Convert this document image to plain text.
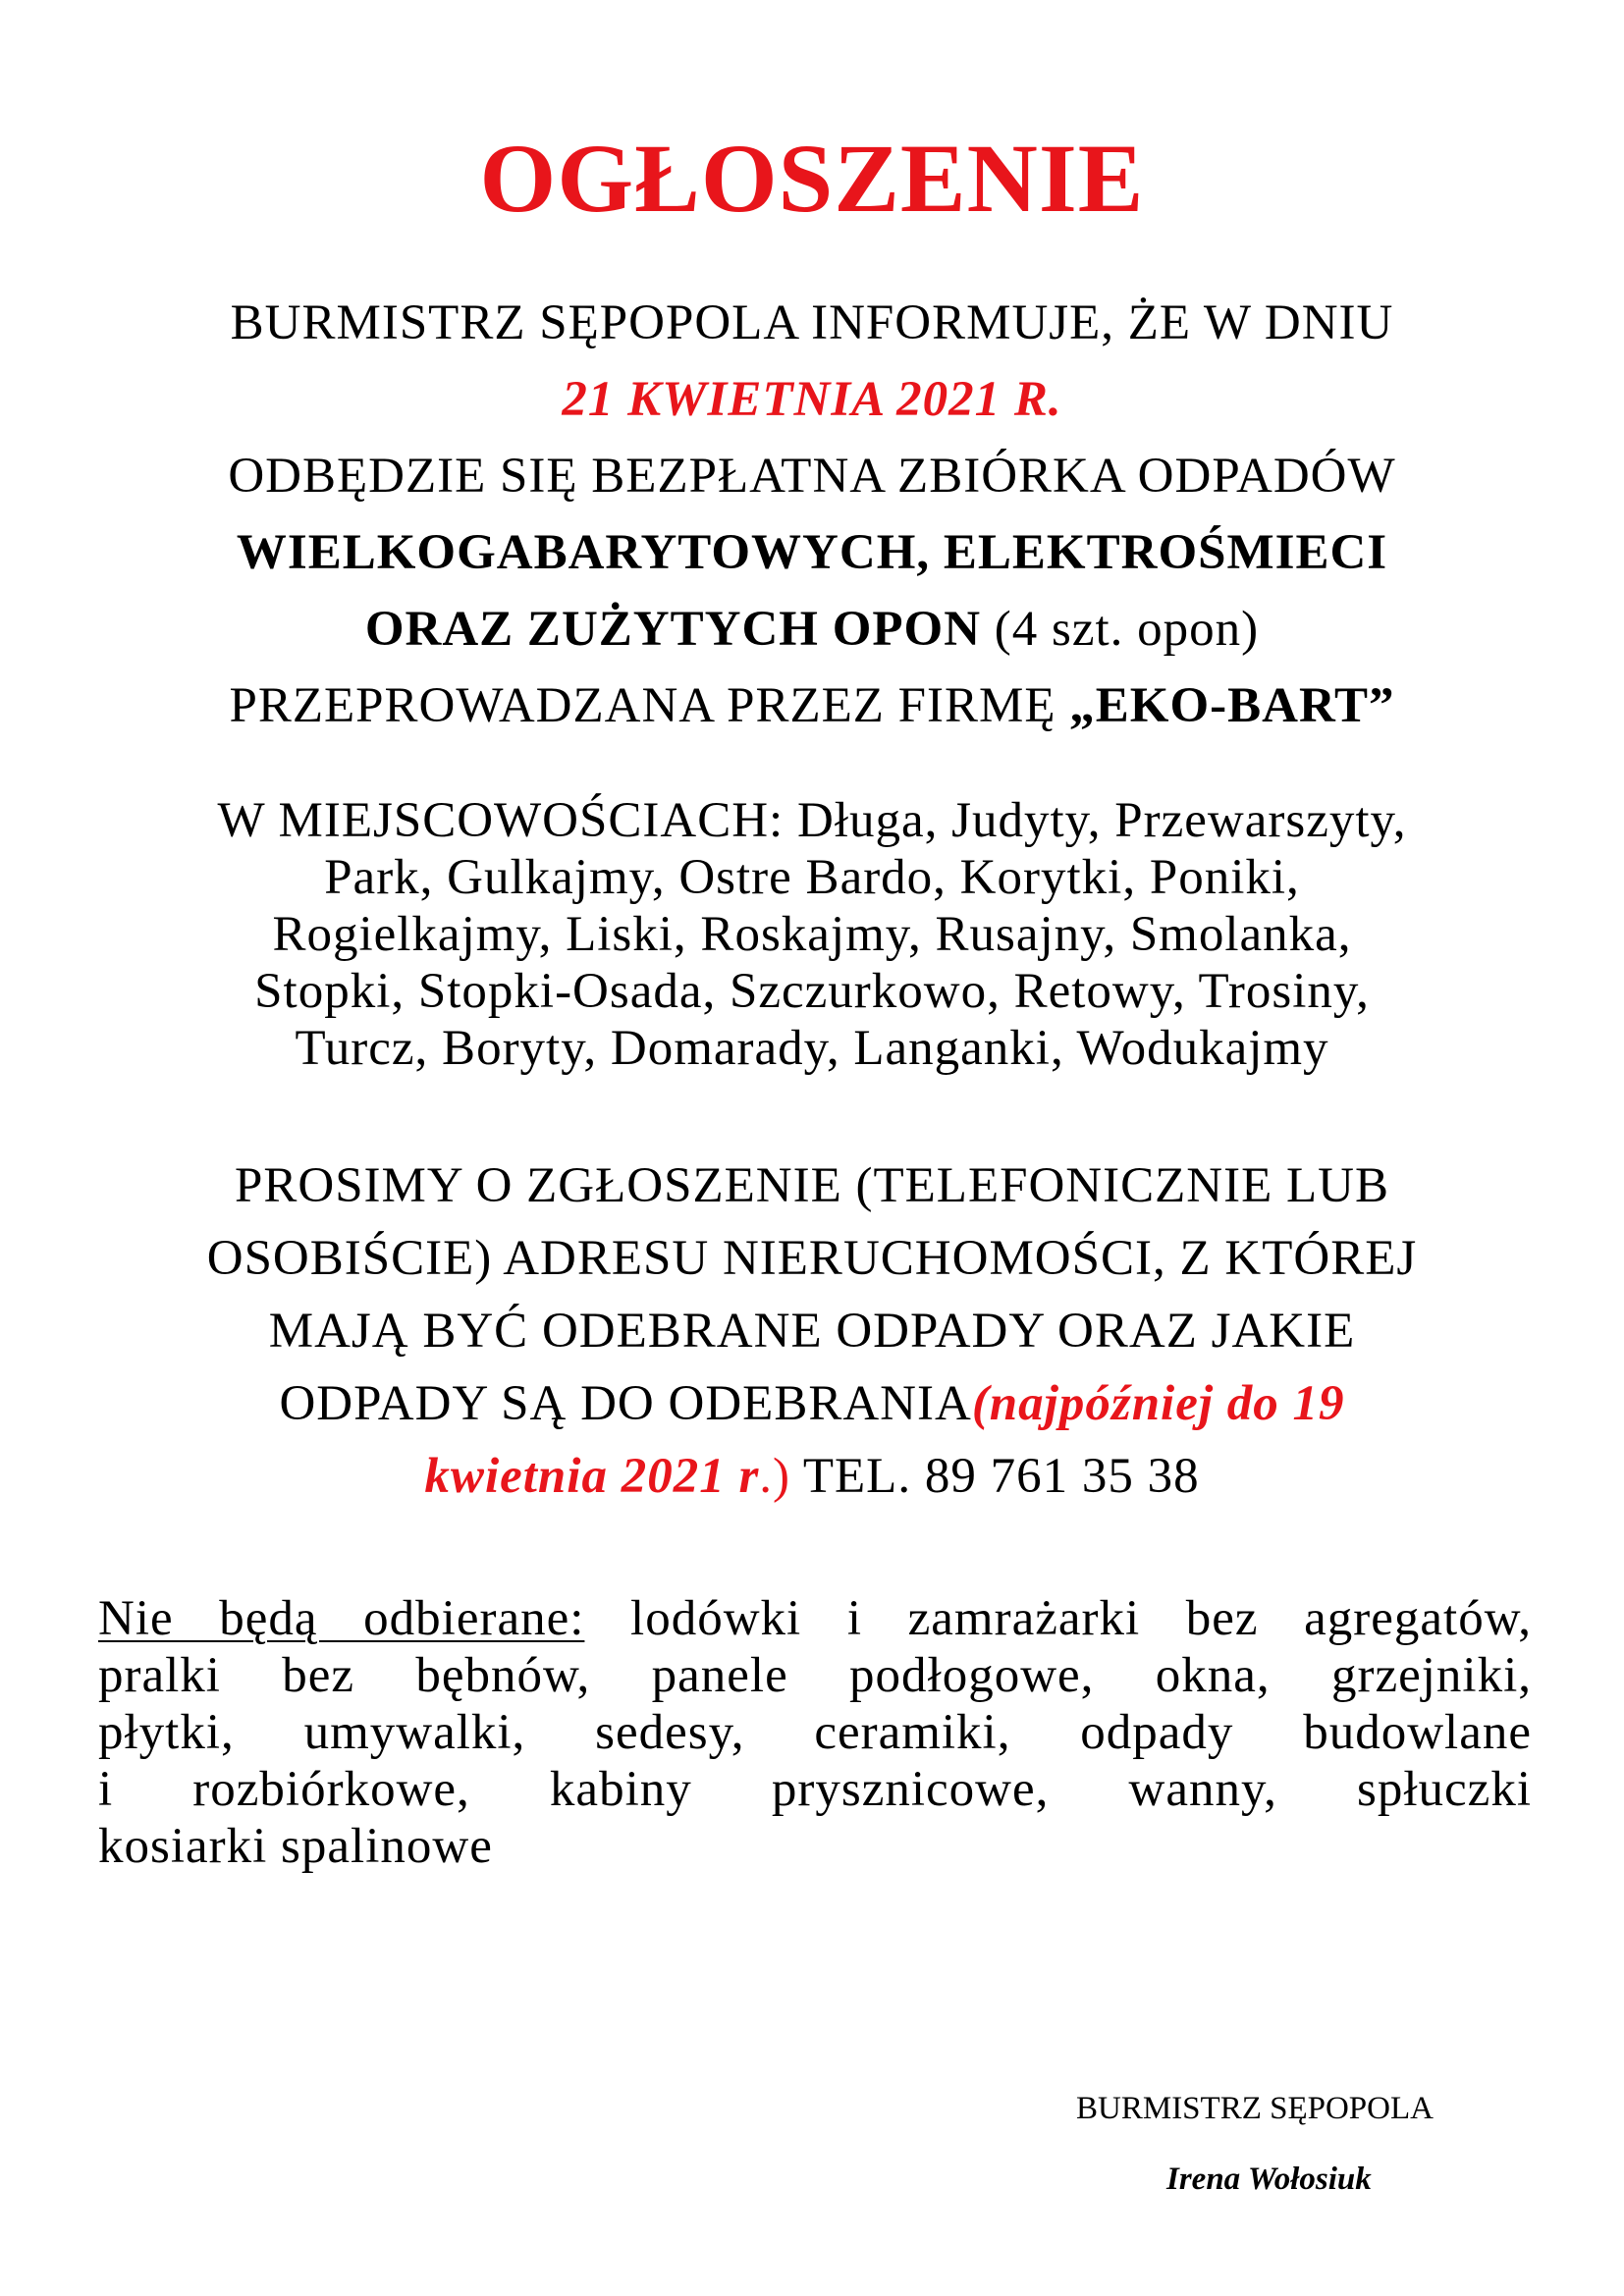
OGŁOSZENIE
BURMISTRZ SĘPOPOLA INFORMUJE, ŻE W DNIU
21 KWIETNIA 2021 R.
ODBĘDZIE SIĘ BEZPŁATNA ZBIÓRKA ODPADÓW
WIELKOGABARYTOWYCH, ELEKTROŚMIECI
ORAZ ZUŻYTYCH OPON (4 szt. opon)
PRZEPROWADZANA PRZEZ FIRMĘ „EKO-BART”
W MIEJSCOWOŚCIACH: Długa, Judyty, Przewarszyty,
Park, Gulkajmy, Ostre Bardo, Korytki, Poniki,
Rogielkajmy, Liski, Roskajmy, Rusajny, Smolanka,
Stopki, Stopki-Osada, Szczurkowo, Retowy, Trosiny,
Turcz, Boryty, Domarady, Langanki, Wodukajmy
PROSIMY O ZGŁOSZENIE (TELEFONICZNIE LUB
OSOBIŚCIE) ADRESU NIERUCHOMOŚCI, Z KTÓREJ
MAJĄ BYĆ ODEBRANE ODPADY ORAZ JAKIE
ODPADY SĄ DO ODEBRANIA(najpóźniej do 19
kwietnia 2021 r.) TEL. 89 761 35 38
Nie będą odbierane: lodówki i zamrażarki bez agregatów,
pralki bez bębnów, panele podłogowe, okna, grzejniki,
płytki, umywalki, sedesy, ceramiki, odpady budowlane
i rozbiórkowe, kabiny prysznicowe, wanny, spłuczki
kosiarki spalinowe
BURMISTRZ SĘPOPOLA
Irena Wołosiuk
